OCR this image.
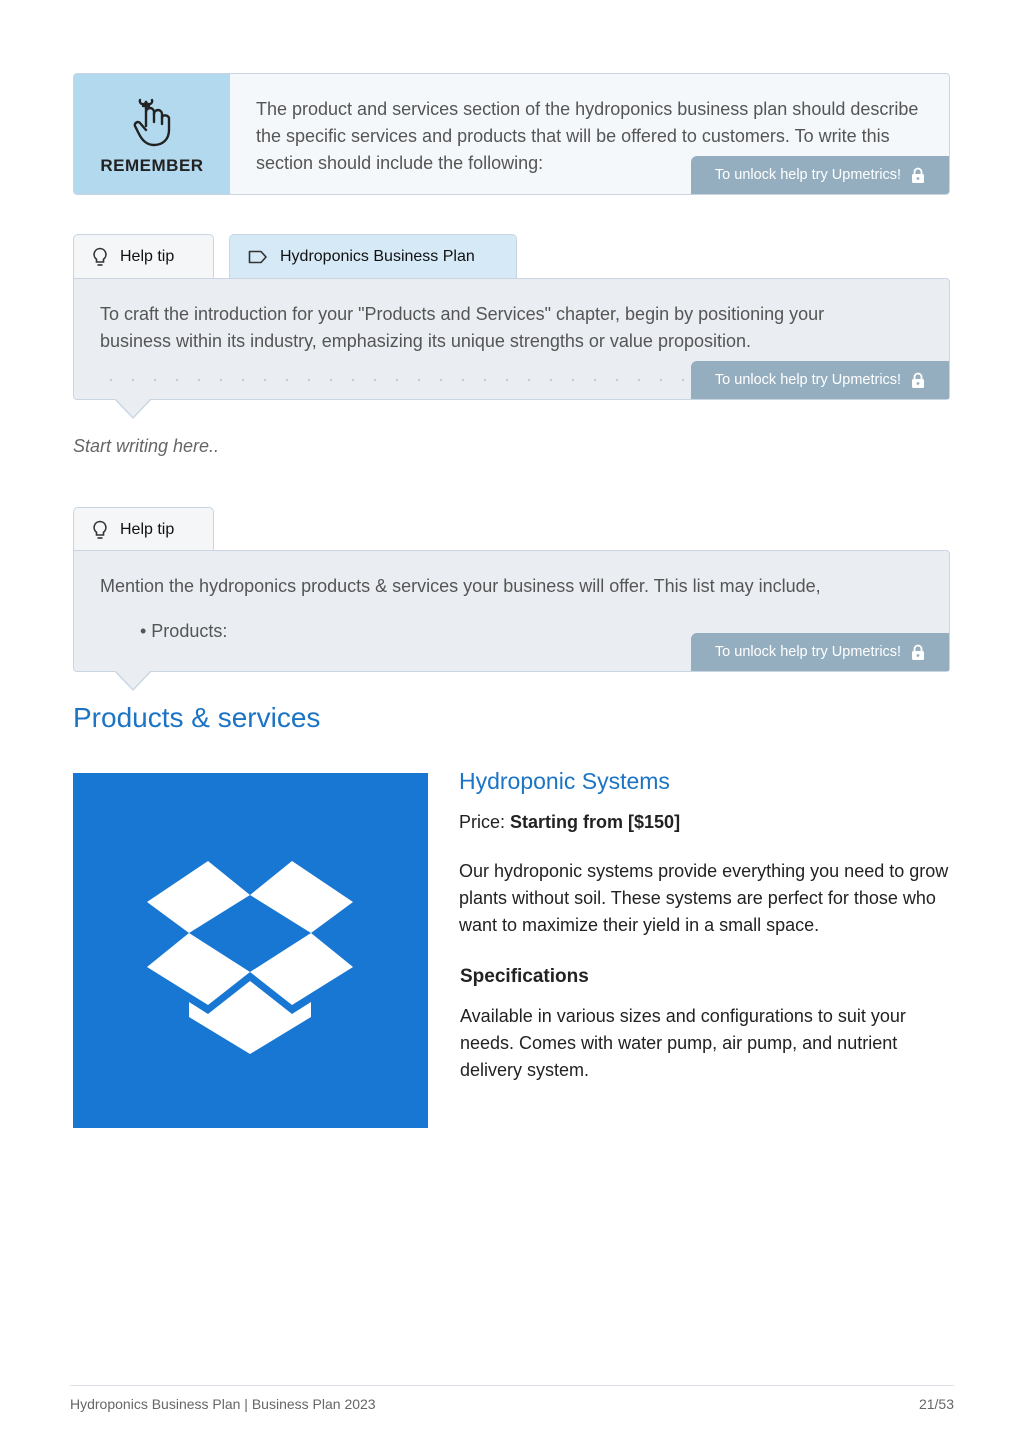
REMEMBER
The product and services section of the hydroponics business plan should describe the specific services and products that will be offered to customers. To write this section should include the following:
To unlock help try Upmetrics!
Help tip	Hydroponics Business Plan
To craft the introduction for your "Products and Services" chapter, begin by positioning your business within its industry, emphasizing its unique strengths or value proposition.
To unlock help try Upmetrics!
Start writing here..
Help tip
Mention the hydroponics products & services your business will offer. This list may include,
• Products:
To unlock help try Upmetrics!
Products & services
Hydroponic Systems
Price: Starting from [$150]
Our hydroponic systems provide everything you need to grow plants without soil. These systems are perfect for those who want to maximize their yield in a small space.
Specifications
Available in various sizes and configurations to suit your needs. Comes with water pump, air pump, and nutrient delivery system.
Hydroponics Business Plan | Business Plan 2023	21/53
